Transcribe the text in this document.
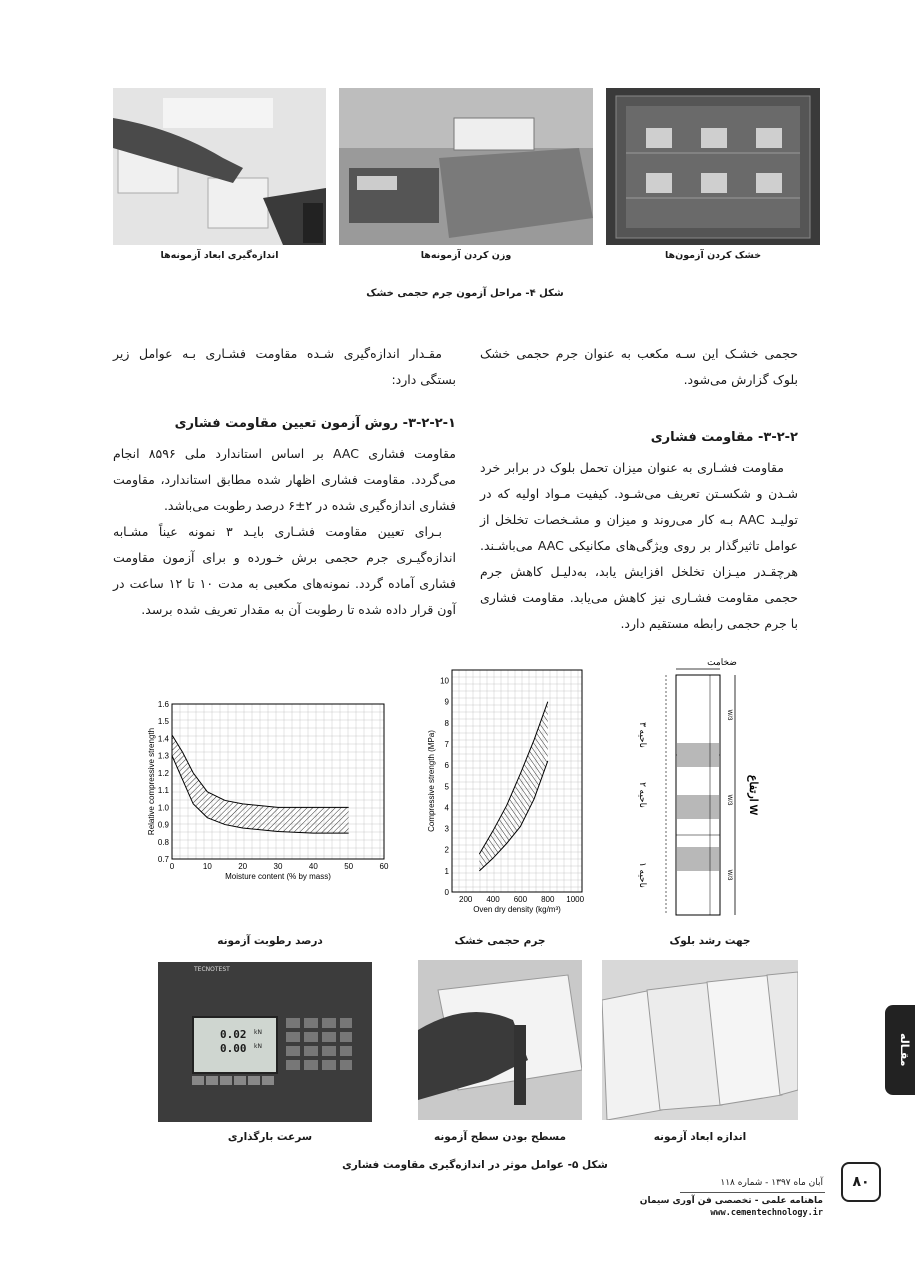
خشک کردن آزمون‌ها
وزن کردن آزمونه‌ها
اندازه‌گیری ابعاد آزمونه‌ها
شکل ۴- مراحل آزمون جرم حجمی خشک

حجمی خشـک این سـه مکعب به عنوان جرم حجمی خشک بلوک گزارش می‌شود.

۳-۲-۲- مقاومت فشاری

مقاومت فشـاری به عنوان میزان تحمل بلوک در برابر خرد شـدن و شکسـتن تعریف می‌شـود. کیفیت مـواد اولیه که در تولیـد AAC بـه کار می‌روند و میزان و مشـخصات تخلخل از عوامل تاثیرگذار بر روی ویژگی‌های مکانیکی AAC می‌باشـند. هرچقـدر میـزان تخلخل افزایش یابد، به‌دلیـل کاهش جرم حجمی مقاومت فشـاری نیز کاهش می‌یابد. مقاومت فشاری با جرم حجمی رابطه مستقیم دارد.

مقـدار اندازه‌گیری شـده مقاومت فشـاری بـه عوامل زیر بستگی دارد:

۳-۲-۲-۱- روش آزمون تعیین مقاومت فشاری

مقاومت فشاری AAC بر اساس استاندارد ملی ۸۵۹۶ انجام می‌گردد. مقاومت فشاری اظهار شده مطابق استاندارد، مقاومت فشاری اندازه‌گیری شده در ۲±۶ درصد رطوبت می‌باشد.

بـرای تعیین مقاومت فشـاری بایـد ۳ نمونه عیناً مشـابه اندازه‌گیـری جرم حجمی برش خـورده و برای آزمون مقاومت فشاری آماده گردد. نمونه‌های مکعبی به مدت ۱۰ تا ۱۲ ساعت در آون قرار داده شده تا رطوبت آن به مقدار تعریف شده برسد.

ضخامت
ناحیه ۳
ناحیه ۲
ناحیه ۱
ارتفاع W
W/3
W/3
W/3
200 400 600 800 1000
0
1
2
3
4
5
6
7
8
9
10
Oven dry density (kg/m³)
Compressive strength (MPa)
0	10	20	30	40	50	60
0.7
0.8
0.9
1.0
1.1
1.2
1.3
1.4
1.5
1.6
Moisture content (% by mass)
Relative compressive strength
جهت رشد بلوک
جرم حجمی خشک
درصد رطوبت آزمونه
TECNOTEST
0.02 kN
0.00 kN
اندازه ابعاد آزمونه
مسطح بودن سطح آزمونه
سرعت بارگذاری
شکل ۵- عوامل موثر در اندازه‌گیری مقاومت فشاری
مقـاله
۸۰
آبان ماه ۱۳۹۷ - شماره ۱۱۸
ماهنامه علمی - تخصصی فن آوری سیمان
www.cementechnology.ir
